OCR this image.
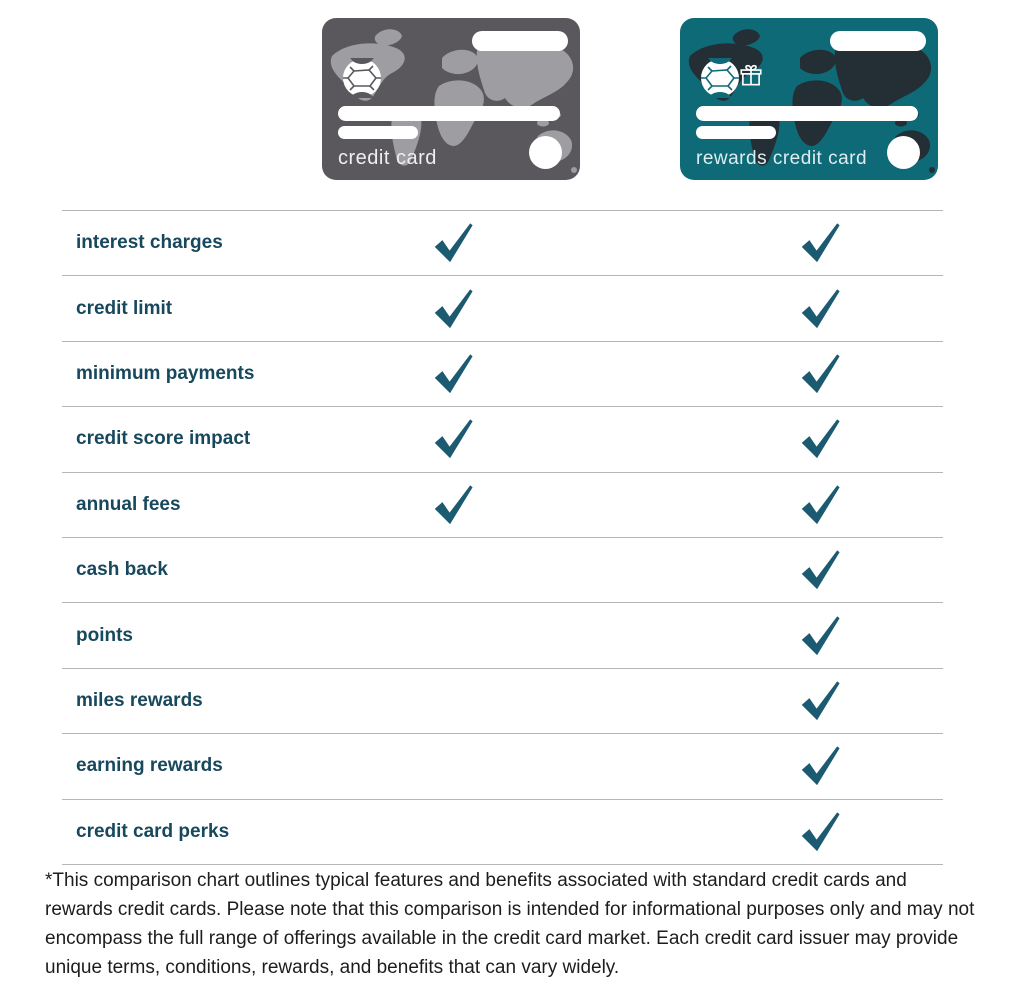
credit card	rewards credit card
interest charges
credit limit
minimum payments
credit score impact
annual fees
cash back
points
miles rewards
earning rewards
credit card perks
*This comparison chart outlines typical features and benefits associated with standard credit cards and rewards credit cards. Please note that this comparison is intended for informational purposes only and may not encompass the full range of offerings available in the credit card market. Each credit card issuer may provide unique terms, conditions, rewards, and benefits that can vary widely.
